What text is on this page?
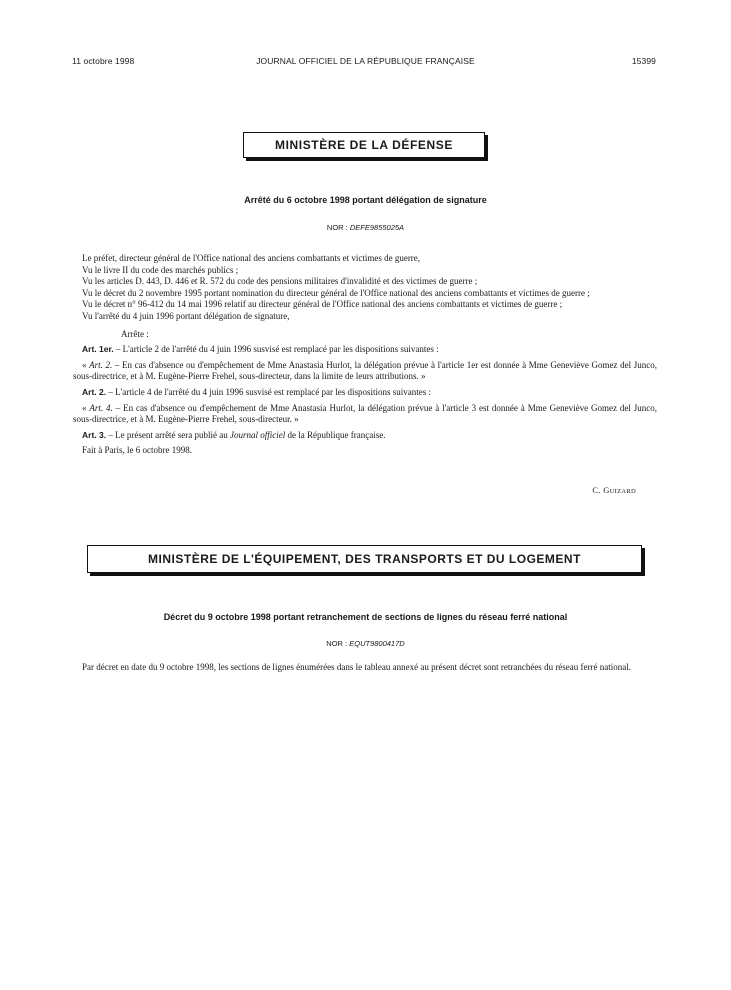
11 octobre 1998	JOURNAL OFFICIEL DE LA RÉPUBLIQUE FRANÇAISE	15399
MINISTÈRE DE LA DÉFENSE
Arrêté du 6 octobre 1998 portant délégation de signature
NOR : DEFE9855025A

Le préfet, directeur général de l'Office national des anciens combattants et victimes de guerre,

Vu le livre II du code des marchés publics ;

Vu les articles D. 443, D. 446 et R. 572 du code des pensions militaires d'invalidité et des victimes de guerre ;

Vu le décret du 2 novembre 1995 portant nomination du directeur général de l'Office national des anciens combattants et victimes de guerre ;

Vu le décret n° 96-412 du 14 mai 1996 relatif au directeur général de l'Office national des anciens combattants et victimes de guerre ;

Vu l'arrêté du 4 juin 1996 portant délégation de signature,

Arrête :

Art. 1er. – L'article 2 de l'arrêté du 4 juin 1996 susvisé est remplacé par les dispositions suivantes :

« Art. 2. – En cas d'absence ou d'empêchement de Mme Anastasia Hurlot, la délégation prévue à l'article 1er est donnée à Mme Geneviève Gomez del Junco, sous-directrice, et à M. Eugène-Pierre Frehel, sous-directeur, dans la limite de leurs attributions. »

Art. 2. – L'article 4 de l'arrêté du 4 juin 1996 susvisé est remplacé par les dispositions suivantes :

« Art. 4. – En cas d'absence ou d'empêchement de Mme Anastasia Hurlot, la délégation prévue à l'article 3 est donnée à Mme Geneviève Gomez del Junco, sous-directrice, et à M. Eugène-Pierre Frehel, sous-directeur. »

Art. 3. – Le présent arrêté sera publié au Journal officiel de la République française.

Fait à Paris, le 6 octobre 1998.

C. GUIZARD
MINISTÈRE DE L'ÉQUIPEMENT, DES TRANSPORTS ET DU LOGEMENT
Décret du 9 octobre 1998 portant retranchement de sections de lignes du réseau ferré national
NOR : EQUT9800417D

Par décret en date du 9 octobre 1998, les sections de lignes énumérées dans le tableau annexé au présent décret sont retranchées du réseau ferré national.
